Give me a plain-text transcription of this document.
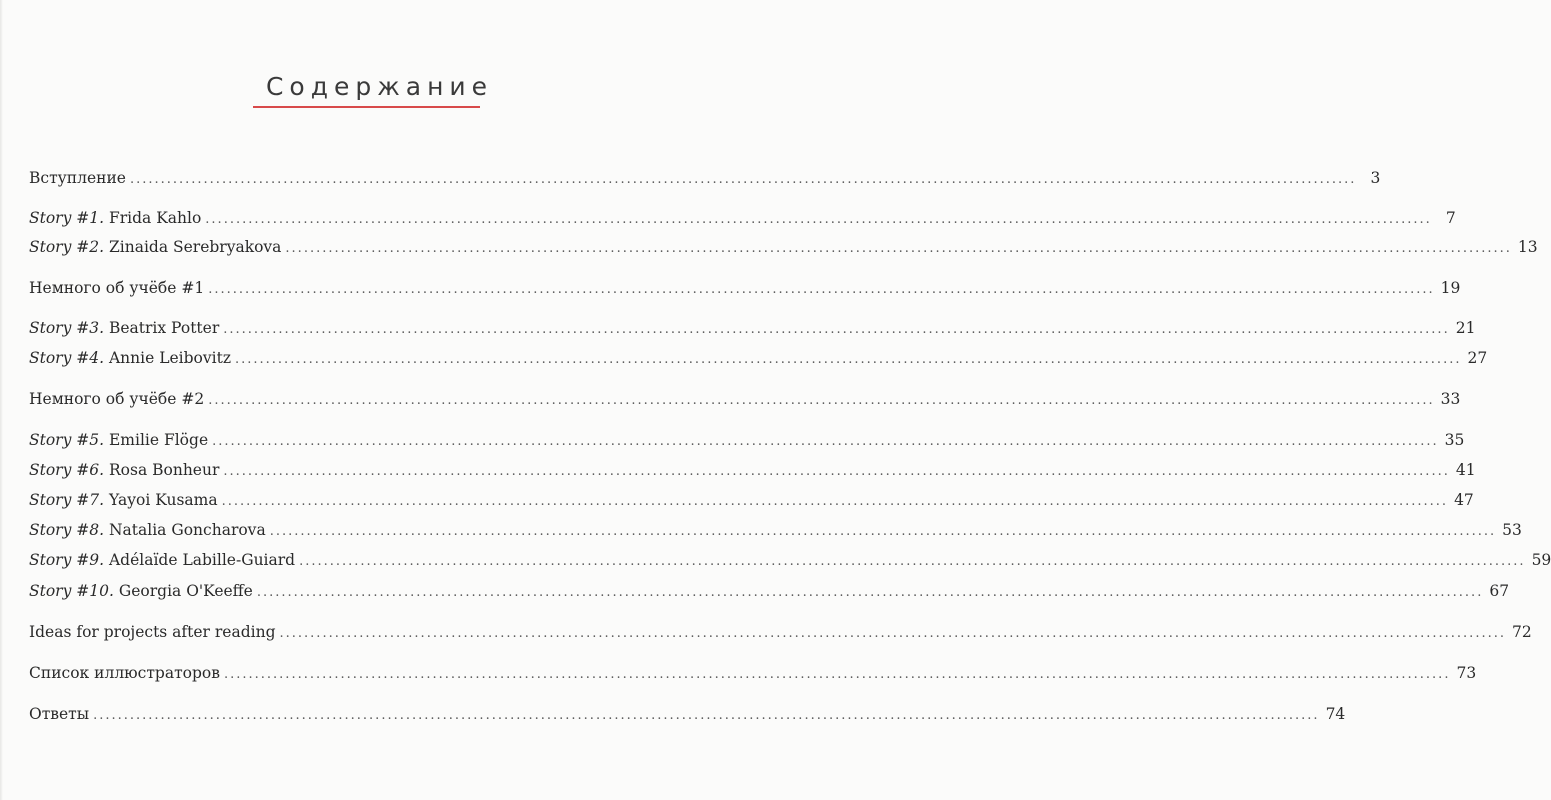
Содержание
Вступление ........................................................................................................................................................................................................ 3
Story #1. Frida Kahlo ........................................................................................................................................................................................................ 7
Story #2. Zinaida Serebryakova ........................................................................................................................................................................................................ 13
Немного об учёбе #1 ........................................................................................................................................................................................................ 19
Story #3. Beatrix Potter ........................................................................................................................................................................................................ 21
Story #4. Annie Leibovitz ........................................................................................................................................................................................................ 27
Немного об учёбе #2 ........................................................................................................................................................................................................ 33
Story #5. Emilie Flöge ........................................................................................................................................................................................................ 35
Story #6. Rosa Bonheur ........................................................................................................................................................................................................ 41
Story #7. Yayoi Kusama ........................................................................................................................................................................................................ 47
Story #8. Natalia Goncharova ........................................................................................................................................................................................................ 53
Story #9. Adélaïde Labille-Guiard ........................................................................................................................................................................................................ 59
Story #10. Georgia O'Keeffe ........................................................................................................................................................................................................ 67
Ideas for projects after reading ........................................................................................................................................................................................................ 72
Список иллюстраторов ........................................................................................................................................................................................................ 73
Ответы ........................................................................................................................................................................................................ 74
